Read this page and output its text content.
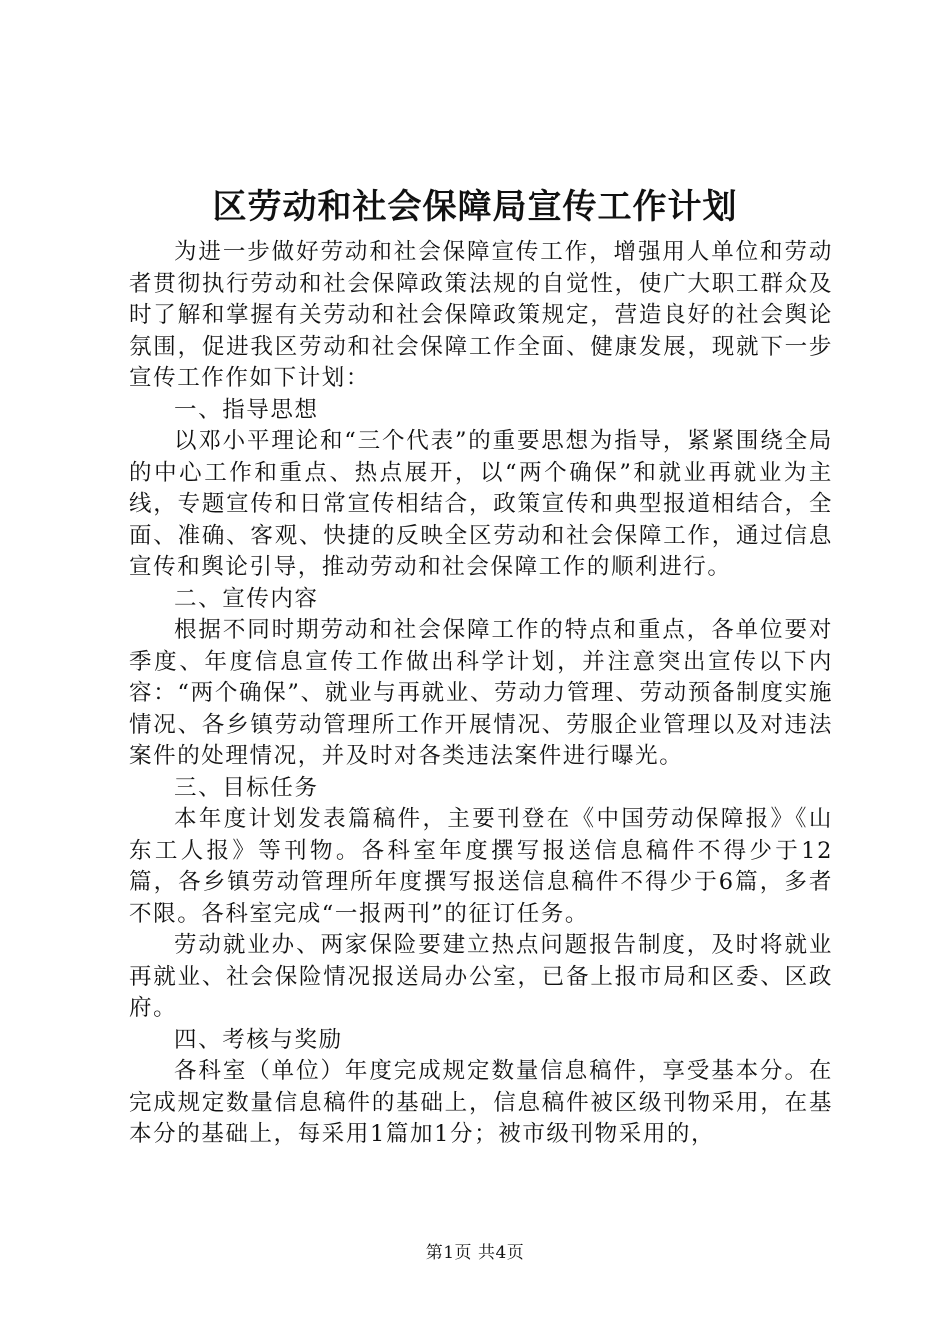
区劳动和社会保障局宣传工作计划

为进一步做好劳动和社会保障宣传工作，增强用人单位和劳动者贯彻执行劳动和社会保障政策法规的自觉性，使广大职工群众及时了解和掌握有关劳动和社会保障政策规定，营造良好的社会舆论氛围，促进我区劳动和社会保障工作全面、健康发展，现就下一步宣传工作作如下计划：

一、指导思想

以邓小平理论和“三个代表”的重要思想为指导，紧紧围绕全局的中心工作和重点、热点展开，以“两个确保”和就业再就业为主线，专题宣传和日常宣传相结合，政策宣传和典型报道相结合，全面、准确、客观、快捷的反映全区劳动和社会保障工作，通过信息宣传和舆论引导，推动劳动和社会保障工作的顺利进行。

二、宣传内容

根据不同时期劳动和社会保障工作的特点和重点，各单位要对季度、年度信息宣传工作做出科学计划，并注意突出宣传以下内容：“两个确保”、就业与再就业、劳动力管理、劳动预备制度实施情况、各乡镇劳动管理所工作开展情况、劳服企业管理以及对违法案件的处理情况，并及时对各类违法案件进行曝光。

三、目标任务

本年度计划发表篇稿件，主要刊登在《中国劳动保障报》《山东工人报》等刊物。各科室年度撰写报送信息稿件不得少于12篇，各乡镇劳动管理所年度撰写报送信息稿件不得少于6篇，多者不限。各科室完成“一报两刊”的征订任务。

劳动就业办、两家保险要建立热点问题报告制度，及时将就业再就业、社会保险情况报送局办公室，已备上报市局和区委、区政府。

四、考核与奖励

各科室（单位）年度完成规定数量信息稿件，享受基本分。在完成规定数量信息稿件的基础上，信息稿件被区级刊物采用，在基本分的基础上，每采用1篇加1分；被市级刊物采用的，

第1页 共4页
